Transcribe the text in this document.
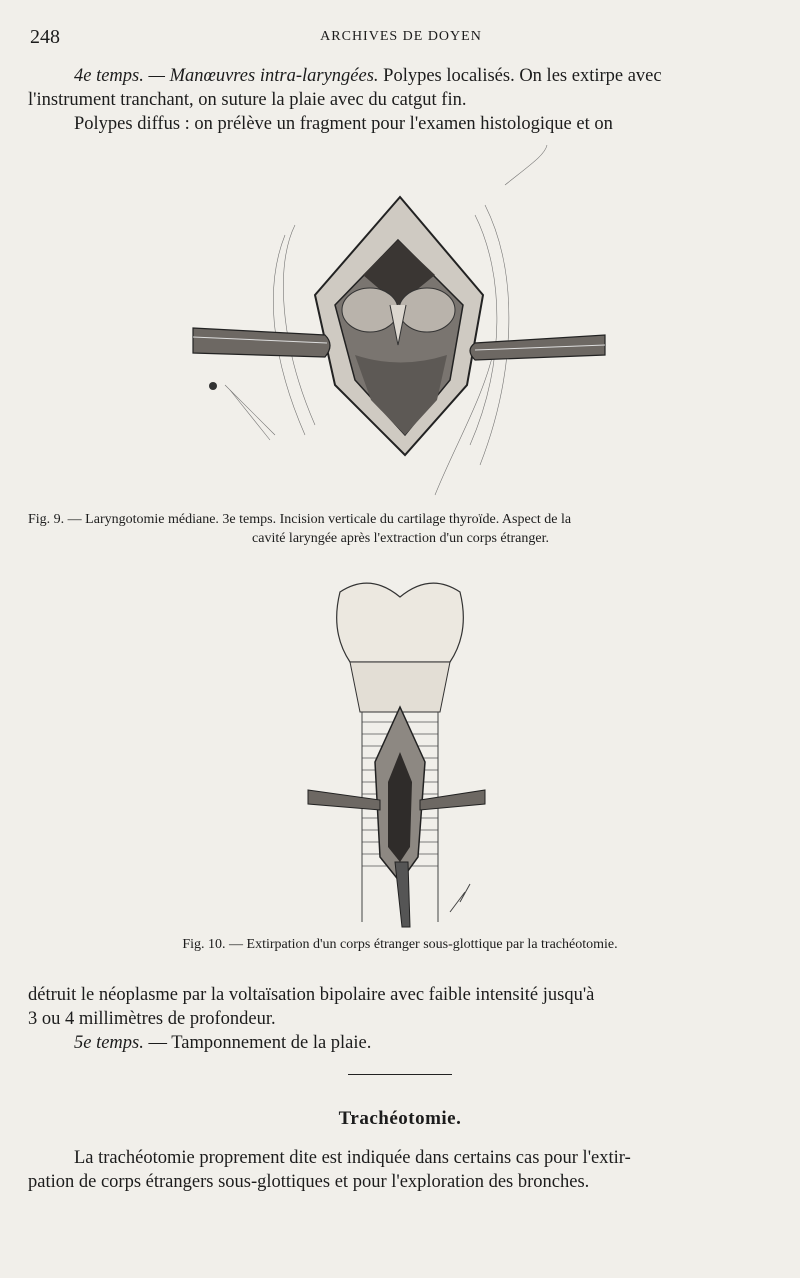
248	ARCHIVES DE DOYEN
4e temps. — Manœuvres intra-laryngées. Polypes localisés. On les extirpe avec
l'instrument tranchant, on suture la plaie avec du catgut fin.
Polypes diffus : on prélève un fragment pour l'examen histologique et on
Fig. 9. — Laryngotomie médiane. 3e temps. Incision verticale du cartilage thyroïde. Aspect de la
cavité laryngée après l'extraction d'un corps étranger.
Fig. 10. — Extirpation d'un corps étranger sous-glottique par la trachéotomie.
détruit le néoplasme par la voltaïsation bipolaire avec faible intensité jusqu'à
3 ou 4 millimètres de profondeur.
5e temps. — Tamponnement de la plaie.
Trachéotomie.
La trachéotomie proprement dite est indiquée dans certains cas pour l'extir-
pation de corps étrangers sous-glottiques et pour l'exploration des bronches.
